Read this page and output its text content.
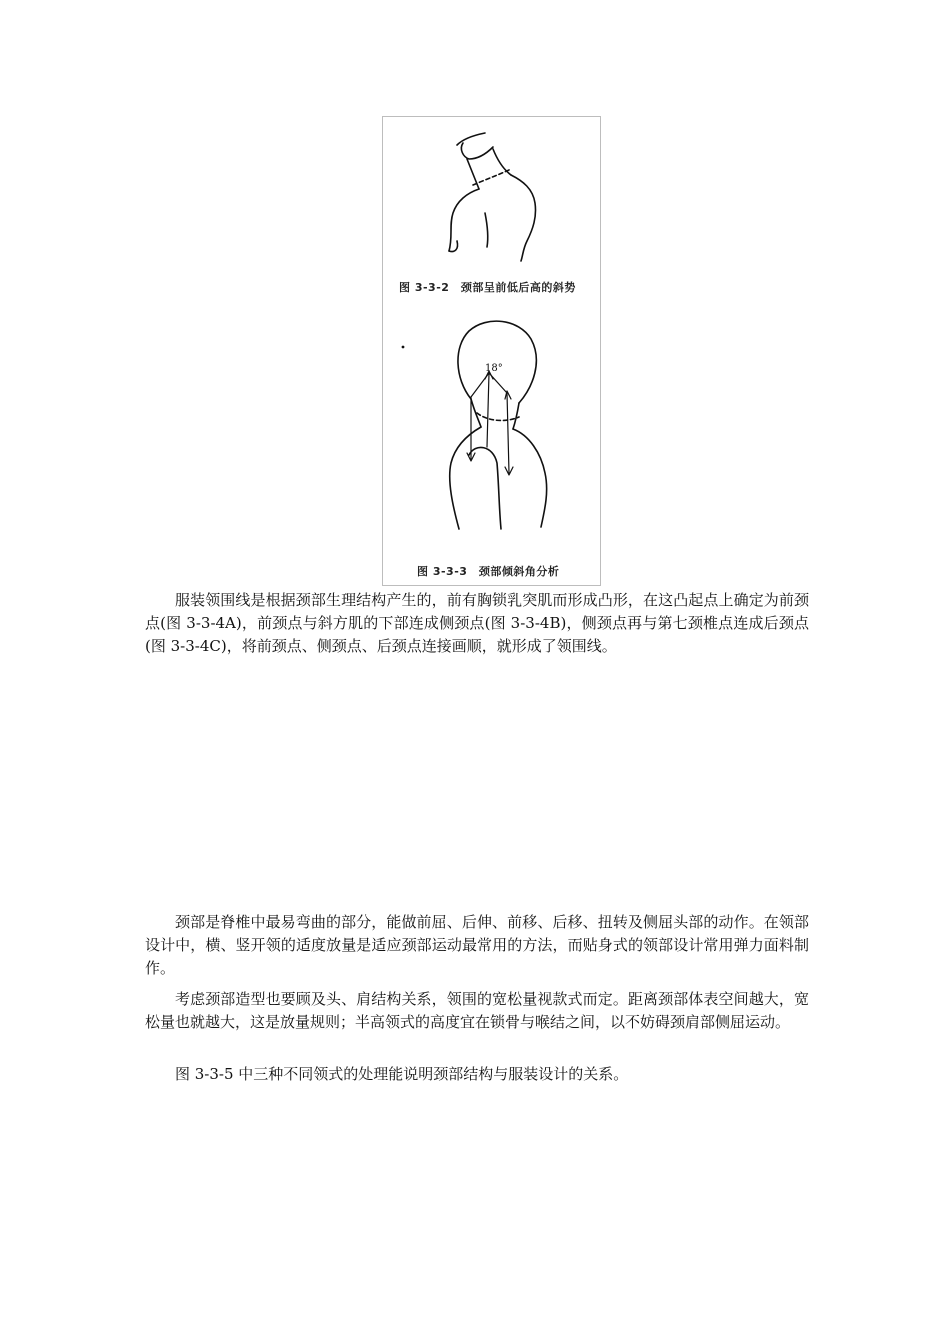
图 3-3-2　颈部呈前低后高的斜势
18°
图 3-3-3　颈部倾斜角分析

服装领围线是根据颈部生理结构产生的，前有胸锁乳突肌而形成凸形，在这凸起点上确定为前颈点(图 3-3-4A)，前颈点与斜方肌的下部连成侧颈点(图 3-3-4B)，侧颈点再与第七颈椎点连成后颈点 (图 3-3-4C)，将前颈点、侧颈点、后颈点连接画顺，就形成了领围线。

颈部是脊椎中最易弯曲的部分，能做前屈、后伸、前移、后移、扭转及侧屈头部的动作。在领部设计中，横、竖开领的适度放量是适应颈部运动最常用的方法，而贴身式的领部设计常用弹力面料制作。

考虑颈部造型也要顾及头、肩结构关系，领围的宽松量视款式而定。距离颈部体表空间越大，宽松量也就越大，这是放量规则；半高领式的高度宜在锁骨与喉结之间，以不妨碍颈肩部侧屈运动。

图 3-3-5 中三种不同领式的处理能说明颈部结构与服装设计的关系。
